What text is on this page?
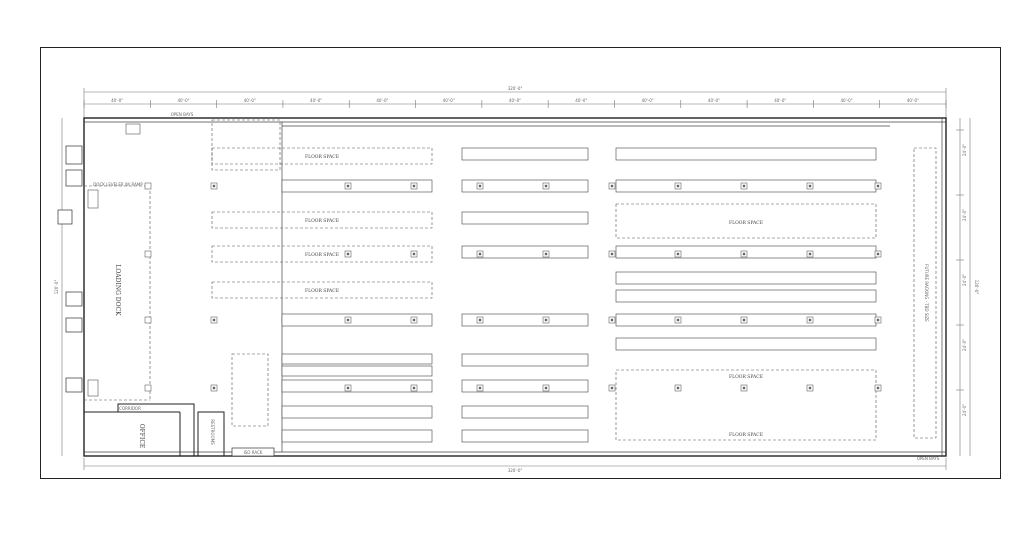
40'-0"	40'-0"	40'-0"	40'-0"	40'-0"	40'-0"	40'-0"	40'-0"	40'-0"	40'-0"	40'-0"	40'-0"	40'-0"
24'-0"
24'-0"
24'-0"
24'-0"
24'-0"
320'-0"
320'-0"
120'-0"	120'-0"
LOADING DOCK
DOCK LEVELER W/ RAMP
OFFICE
CORRIDOR
RESTROOMS
ISO RACK
FUTURE RACKING - TBD SIZE
FLOOR SPACE
FLOOR SPACE
FLOOR SPACE
FLOOR SPACE
FLOOR SPACE
FLOOR SPACE
FLOOR SPACE
OPEN BAYS
OPEN BAYS
